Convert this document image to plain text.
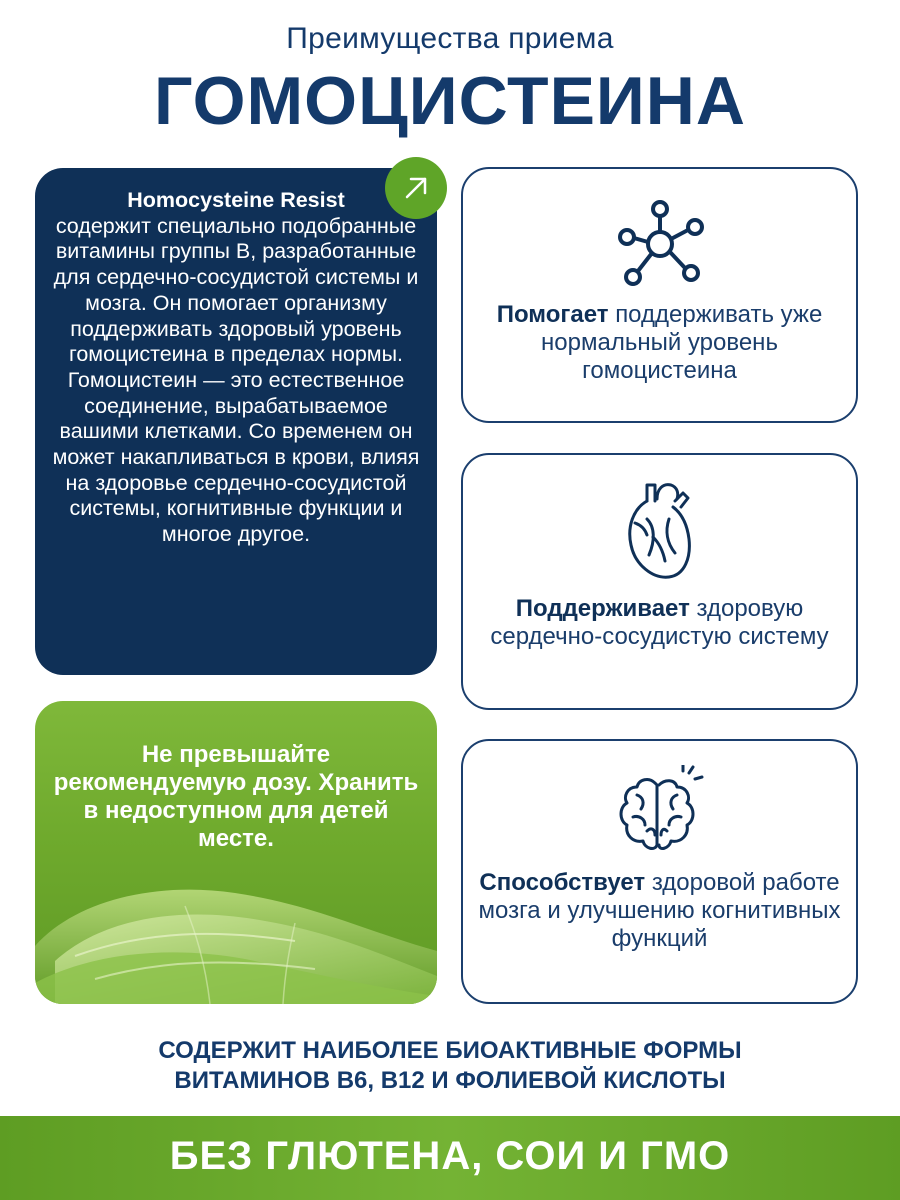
Преимущества приема
ГОМОЦИСТЕИНА
Homocysteine Resist
содержит специально подобранные витамины группы B, разработанные для сердечно-сосудистой системы и мозга. Он помогает организму поддерживать здоровый уровень гомоцистеина в пределах нормы. Гомоцистеин — это естественное соединение, вырабатываемое вашими клетками. Со временем он может накапливаться в крови, влияя на здоровье сердечно-сосудистой системы, когнитивные функции и многое другое.
Не превышайте рекомендуемую дозу. Хранить в недоступном для детей месте.
Помогает поддерживать уже нормальный уровень гомоцистеина
Поддерживает здоровую сердечно-сосудистую систему
Способствует здоровой работе мозга и улучшению когнитивных функций
СОДЕРЖИТ НАИБОЛЕЕ БИОАКТИВНЫЕ ФОРМЫ
ВИТАМИНОВ B6, B12 И ФОЛИЕВОЙ КИСЛОТЫ
БЕЗ ГЛЮТЕНА, СОИ И ГМО
